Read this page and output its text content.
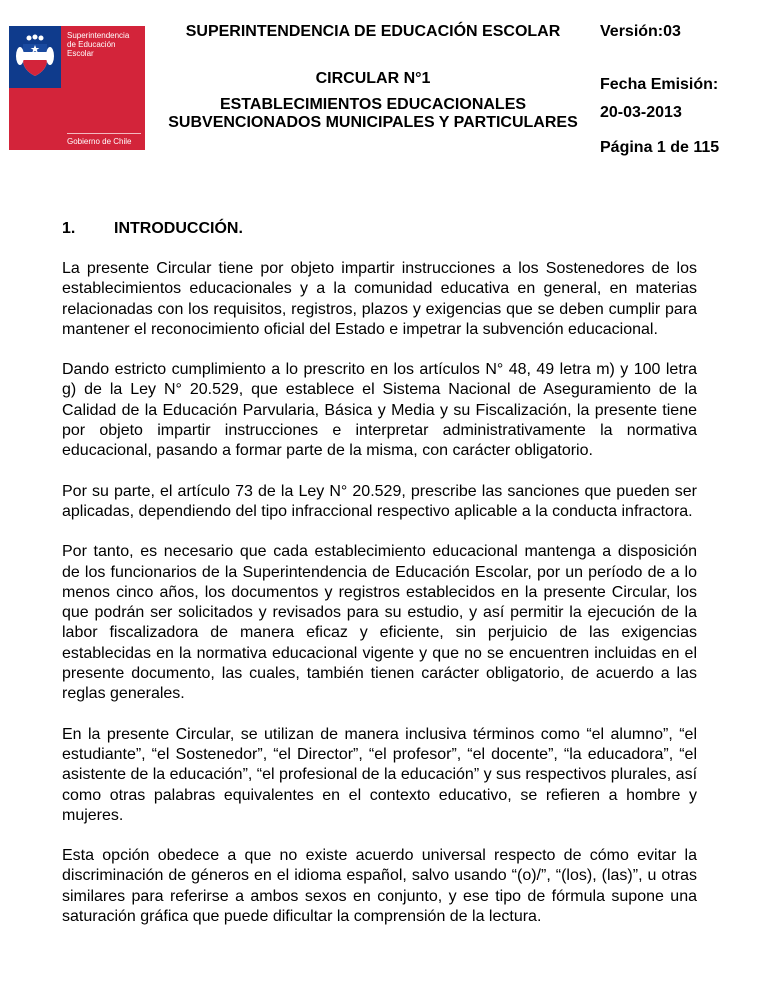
Superintendencia
de Educación
Escolar
Gobierno de Chile
SUPERINTENDENCIA DE EDUCACIÓN ESCOLAR	Versión:03
CIRCULAR N°1
ESTABLECIMIENTOS EDUCACIONALES SUBVENCIONADOS MUNICIPALES Y PARTICULARES
Fecha Emisión:
20-03-2013
Página 1 de 115
1. INTRODUCCIÓN.

La presente Circular tiene por objeto impartir instrucciones a los Sostenedores de los establecimientos educacionales y a la comunidad educativa en general, en materias relacionadas con los requisitos, registros, plazos y exigencias que se deben cumplir para mantener el reconocimiento oficial del Estado e impetrar la subvención educacional.

Dando estricto cumplimiento a lo prescrito en los artículos N° 48, 49 letra m) y 100 letra g) de la Ley N° 20.529, que establece el Sistema Nacional de Aseguramiento de la Calidad de la Educación Parvularia, Básica y Media y su Fiscalización, la presente tiene por objeto impartir instrucciones e interpretar administrativamente la normativa educacional, pasando a formar parte de la misma, con carácter obligatorio.

Por su parte, el artículo 73 de la Ley N° 20.529, prescribe las sanciones que pueden ser aplicadas, dependiendo del tipo infraccional respectivo aplicable a la conducta infractora.

Por tanto, es necesario que cada establecimiento educacional mantenga a disposición de los funcionarios de la Superintendencia de Educación Escolar, por un período de a lo menos cinco años, los documentos y registros establecidos en la presente Circular, los que podrán ser solicitados y revisados para su estudio, y así permitir la ejecución de la labor fiscalizadora de manera eficaz y eficiente, sin perjuicio de las exigencias establecidas en la normativa educacional vigente y que no se encuentren incluidas en el presente documento, las cuales, también tienen carácter obligatorio, de acuerdo a las reglas generales.

En la presente Circular, se utilizan de manera inclusiva términos como “el alumno”, “el estudiante”, “el Sostenedor”, “el Director”, “el profesor”, “el docente”, “la educadora”, “el asistente de la educación”, “el profesional de la educación” y sus respectivos plurales, así como otras palabras equivalentes en el contexto educativo, se refieren a hombre y mujeres.

Esta opción obedece a que no existe acuerdo universal respecto de cómo evitar la discriminación de géneros en el idioma español, salvo usando “(o)/”, “(los), (las)”, u otras similares para referirse a ambos sexos en conjunto, y ese tipo de fórmula supone una saturación gráfica que puede dificultar la comprensión de la lectura.
